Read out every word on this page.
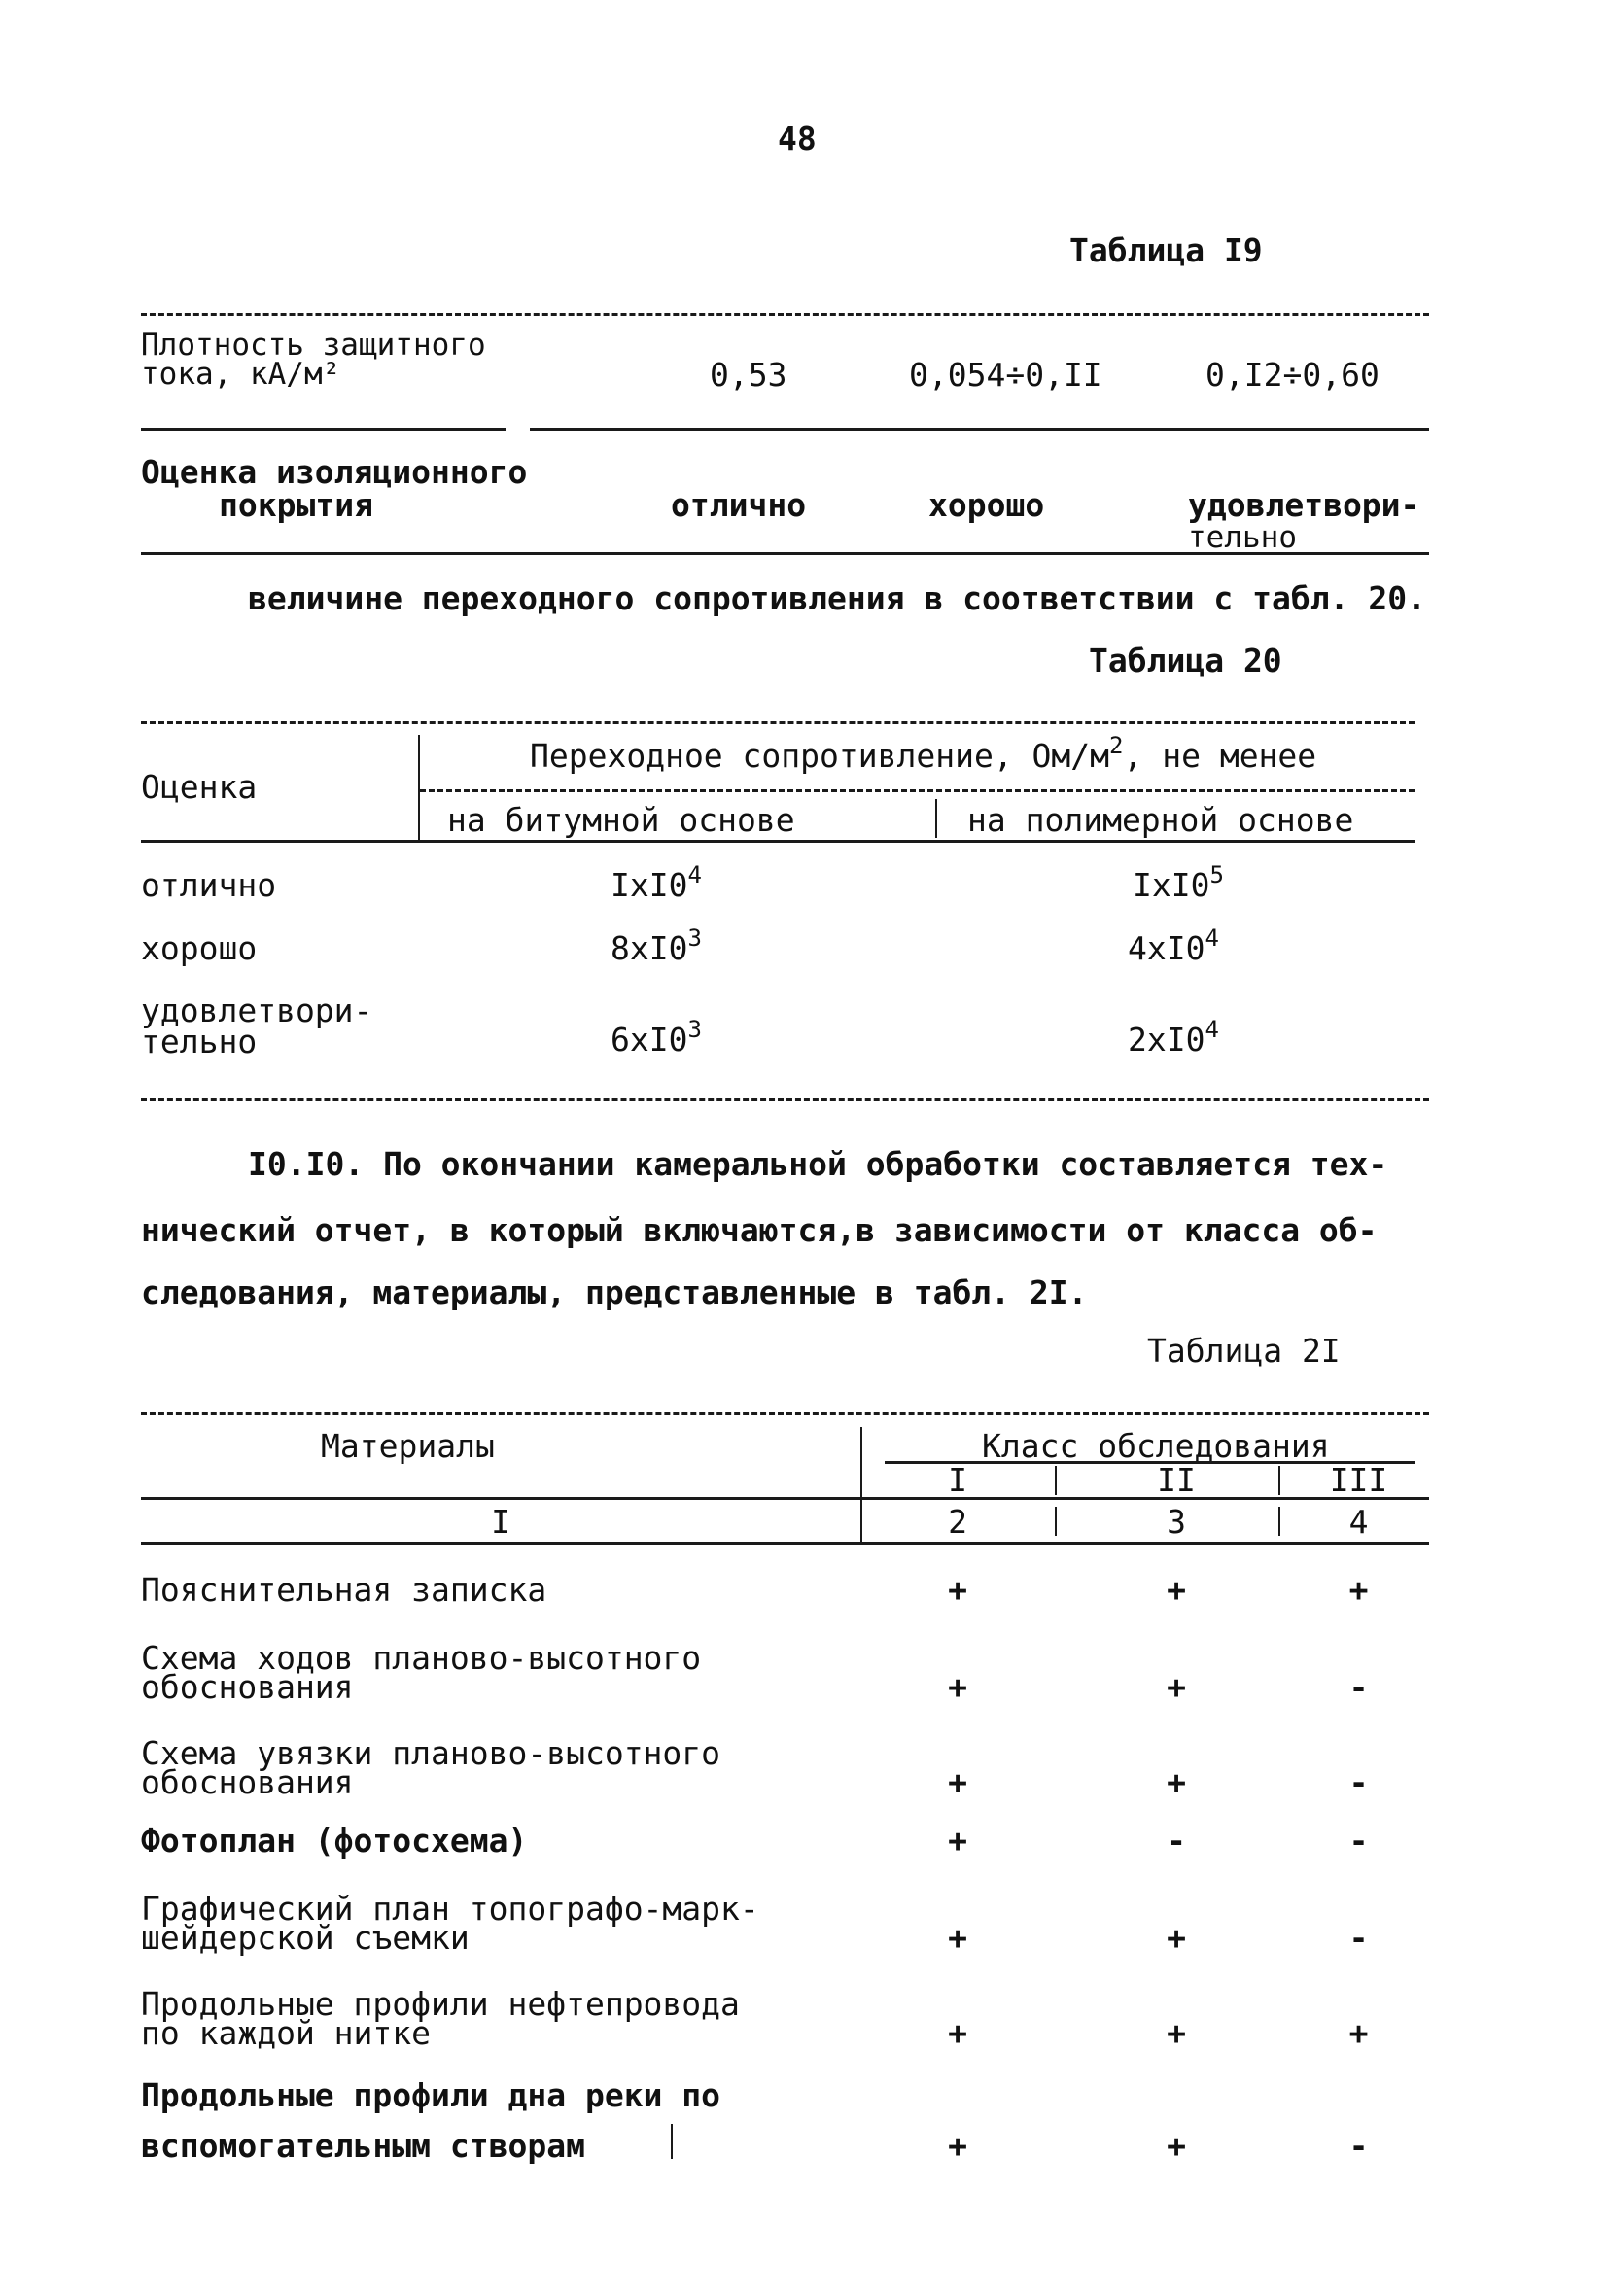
48
Таблица I9
Плотность защитного
тока, кА/м²	0,53	0,054÷0,II	0,I2÷0,60
Оценка изоляционного
покрытия	отлично	хорошо	удовлетвори-
тельно
величине переходного сопротивления в соответствии с табл. 20.
Таблица 20
Оценка
Переходное сопротивление, $Ом/м^2$, не менее
на битумной основе	на полимерной основе
отлично	$IxI0^4$	$IxI0^5$
хорошо	$8xI0^3$	$4xI0^4$
удовлетвори-
тельно	$6xI0^3$	$2xI0^4$
I0.I0. По окончании камеральной обработки составляется тех-
нический отчет, в который включаются,в зависимости от класса об-
следования, материалы, представленные в табл. 2I.
Таблица 2I
Материалы	Класс обследования
I	II	III
I	2	3	4
Пояснительная записка	+	+	+
Схема ходов планово-высотного
обоснования	+	+	-
Схема увязки планово-высотного
обоснования	+	+	-
Фотоплан (фотосхема)	+	-	-
Графический план топографо-марк-
шейдерской съемки	+	+	-
Продольные профили нефтепровода
по каждой нитке	+	+	+
Продольные профили дна реки по
вспомогательным створам	+	+	-
